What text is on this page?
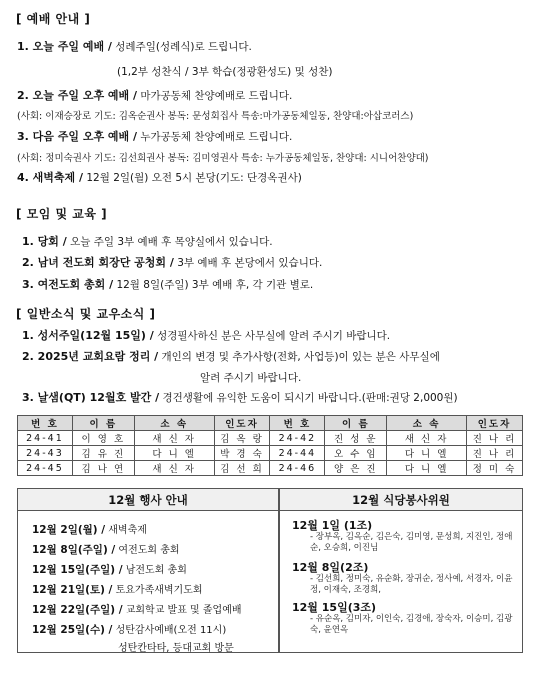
[ 예배 안내 ]
1. 오늘 주일 예배 / 성례주일(성례식)로 드립니다.
(1,2부 성찬식 / 3부 학습(정광환성도) 및 성찬)
2. 오늘 주일 오후 예배 / 마가공동체 찬양예배로 드립니다.
(사회: 이재승장로 기도: 김옥순권사 봉독: 문성회집사 특송:마가공동체일동, 찬양대:아삽코러스)
3. 다음 주일 오후 예배 / 누가공동체 찬양예배로 드립니다.
(사회: 정미숙권사 기도: 김선희권사 봉독: 김미영권사 특송: 누가공동체일동, 찬양대: 시니어찬양대)
4. 새벽축제 / 12월 2일(월) 오전 5시 본당(기도: 단경옥권사)
[ 모임 및 교육 ]
1. 당회 / 오늘 주일 3부 예배 후 목양실에서 있습니다.
2. 남녀 전도회 회장단 공청회 / 3부 예배 후 본당에서 있습니다.
3. 여전도회 총회 / 12월 8일(주일) 3부 예배 후, 각 기관 별로.
[ 일반소식 및 교우소식 ]
1. 성서주일(12월 15일) / 성경필사하신 분은 사무실에 알려 주시기 바랍니다.
2. 2025년 교회요람 정리 / 개인의 변경 및 추가사항(전화, 사업등)이 있는 분은 사무실에
알려 주시기 바랍니다.
3. 날샘(QT) 12월호 발간 / 경건생활에 유익한 도움이 되시기 바랍니다.(판매:권당 2,000원)
번 호	이 름	소 속	인도자	번 호	이 름	소 속	인도자
24-41	이 영 호	새 신 자	김 옥 랑	24-42	진 성 운	새 신 자	진 나 리
24-43	김 유 진	다 니 엘	박 경 숙	24-44	오 수 임	다 니 엘	진 나 리
24-45	김 나 연	새 신 자	김 선 희	24-46	양 은 진	다 니 엘	정 미 숙
12월 행사 안내
12월 2일(월) / 새벽축제
12월 8일(주일) / 여전도회 총회
12월 15일(주일) / 남전도회 총회
12월 21일(토) / 토요가족새벽기도회
12월 22일(주일) / 교회학교 발표 및 졸업예배
12월 25일(수) / 성탄감사예배(오전 11시)
성탄칸타타, 등대교회 방문
12월 식당봉사위원
12월 1일 (1조)
- 장부옥, 김옥순, 김은숙, 김미영, 문성희, 지진인, 정애순, 오승희, 이진님
12월 8일(2조)
- 김선희, 정미숙, 유순화, 장귀순, 정사예, 서경자, 이윤정, 이재숙, 조경희,
12월 15일(3조)
- 유순옥, 김미자, 이인숙, 김경애, 장숙자, 이승미, 김광숙, 윤연옥
